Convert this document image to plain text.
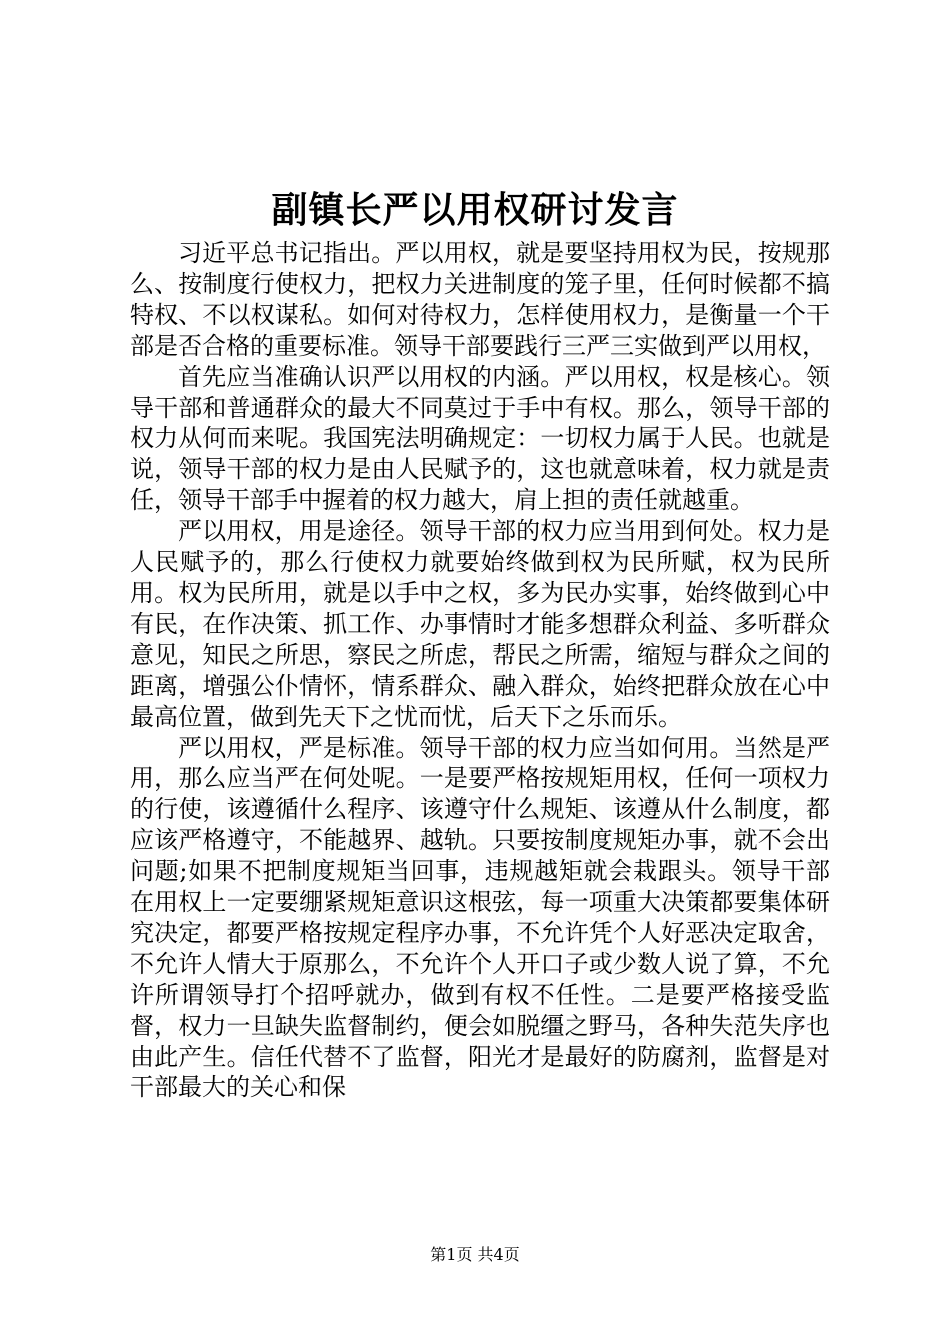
副镇长严以用权研讨发言

习近平总书记指出。严以用权，就是要坚持用权为民，按规那么、按制度行使权力，把权力关进制度的笼子里，任何时候都不搞特权、不以权谋私。如何对待权力，怎样使用权力，是衡量一个干部是否合格的重要标准。领导干部要践行三严三实做到严以用权，

首先应当准确认识严以用权的内涵。严以用权，权是核心。领导干部和普通群众的最大不同莫过于手中有权。那么，领导干部的权力从何而来呢。我国宪法明确规定：一切权力属于人民。也就是说，领导干部的权力是由人民赋予的，这也就意味着，权力就是责任，领导干部手中握着的权力越大，肩上担的责任就越重。

严以用权，用是途径。领导干部的权力应当用到何处。权力是人民赋予的，那么行使权力就要始终做到权为民所赋，权为民所用。权为民所用，就是以手中之权，多为民办实事，始终做到心中有民，在作决策、抓工作、办事情时才能多想群众利益、多听群众意见，知民之所思，察民之所虑，帮民之所需，缩短与群众之间的距离，增强公仆情怀，情系群众、融入群众，始终把群众放在心中最高位置，做到先天下之忧而忧，后天下之乐而乐。

严以用权，严是标准。领导干部的权力应当如何用。当然是严用，那么应当严在何处呢。一是要严格按规矩用权，任何一项权力的行使，该遵循什么程序、该遵守什么规矩、该遵从什么制度，都应该严格遵守，不能越界、越轨。只要按制度规矩办事，就不会出问题;如果不把制度规矩当回事，违规越矩就会栽跟头。领导干部在用权上一定要绷紧规矩意识这根弦，每一项重大决策都要集体研究决定，都要严格按规定程序办事，不允许凭个人好恶决定取舍，不允许人情大于原那么，不允许个人开口子或少数人说了算，不允许所谓领导打个招呼就办，做到有权不任性。二是要严格接受监督，权力一旦缺失监督制约，便会如脱缰之野马，各种失范失序也由此产生。信任代替不了监督，阳光才是最好的防腐剂，监督是对干部最大的关心和保

第1页 共4页
